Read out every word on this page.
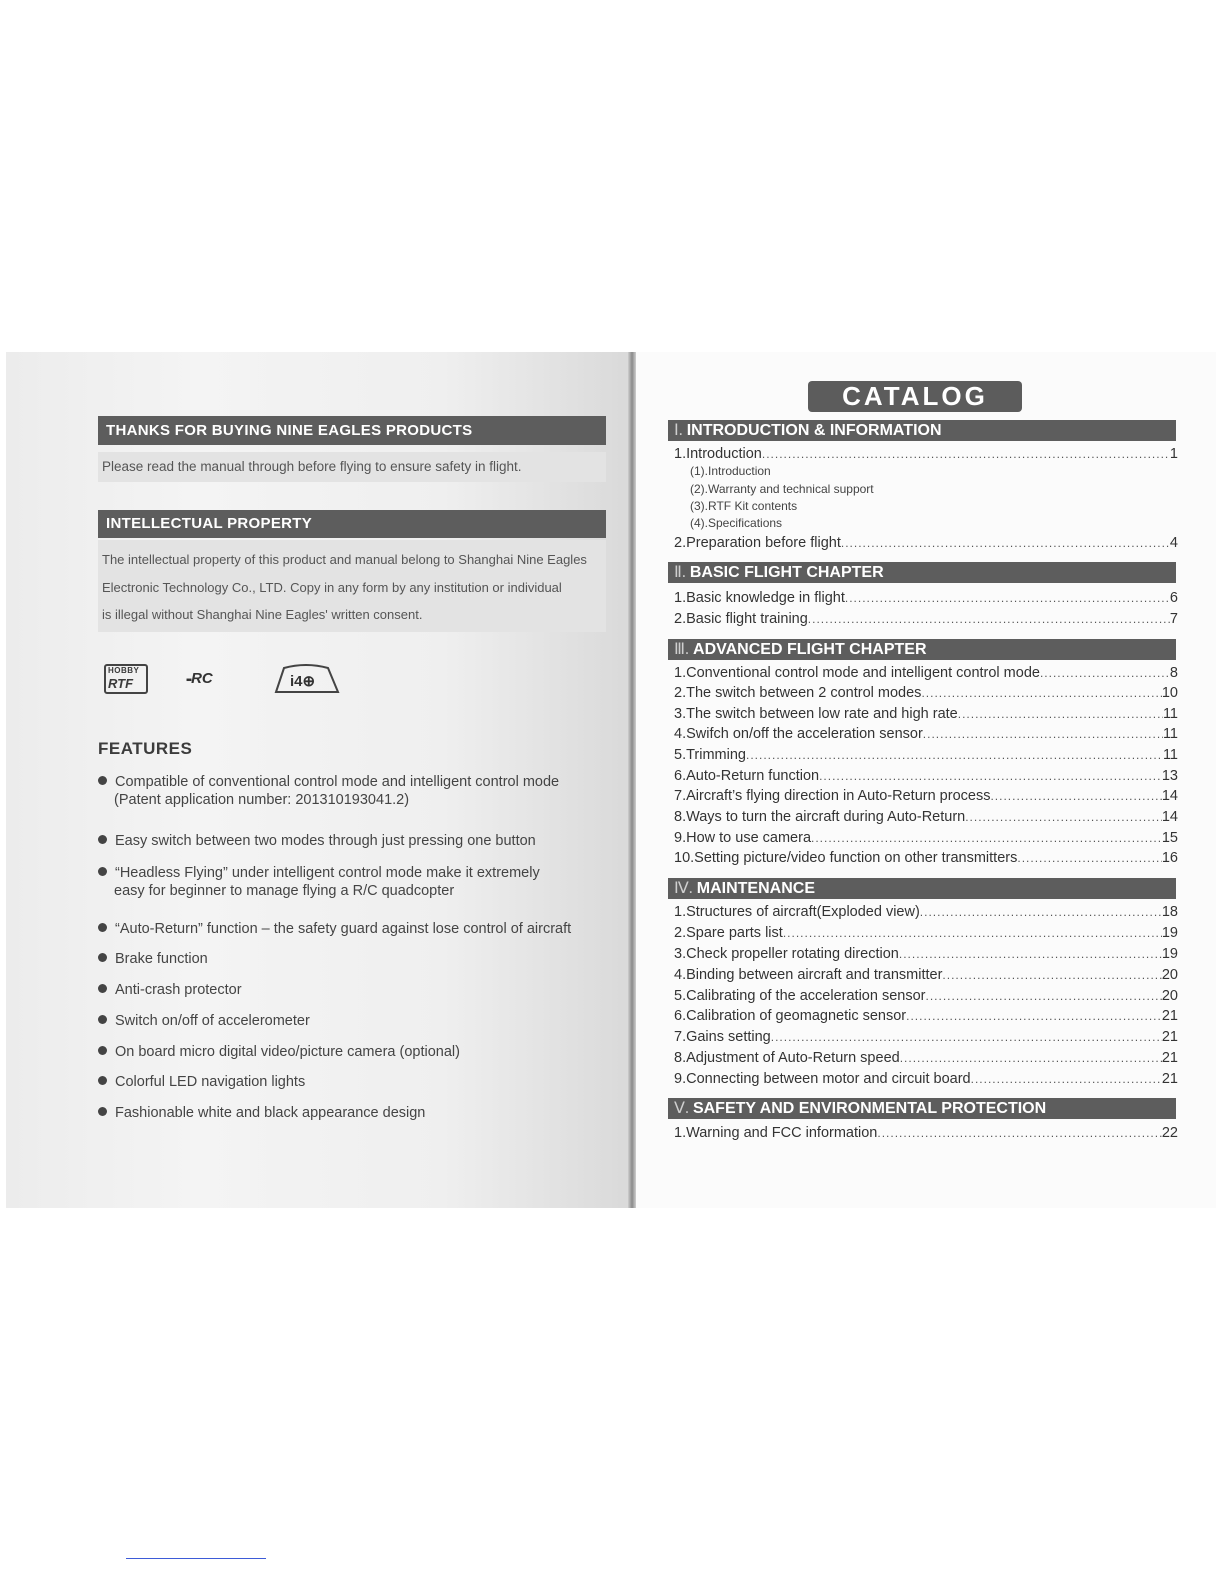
THANKS FOR BUYING NINE EAGLES PRODUCTS
Please read the manual through before flying to ensure safety in flight.
INTELLECTUAL PROPERTY
The intellectual property of this product and manual belong to Shanghai Nine Eagles
Electronic Technology Co., LTD. Copy in any form by any institution or individual
is illegal without Shanghai Nine Eagles' written consent.
HOBBY
RTF	▪▪RC	i4⊕
FEATURES
Compatible of conventional control mode and intelligent control mode
(Patent application number: 201310193041.2)
Easy switch between two modes through just pressing one button
“Headless Flying” under intelligent control mode make it extremely
easy for beginner to manage flying a R/C quadcopter
“Auto-Return” function – the safety guard against lose control of aircraft
Brake function
Anti-crash protector
Switch on/off of accelerometer
On board micro digital video/picture camera (optional)
Colorful LED navigation lights
Fashionable white and black appearance design
CATALOG
Ⅰ. INTRODUCTION & INFORMATION
1.Introduction .....	1
(1).Introduction
(2).Warranty and technical support
(3).RTF Kit contents
(4).Specifications
2.Preparation before flight .....	4
Ⅱ. BASIC FLIGHT CHAPTER
1.Basic knowledge in flight .....	6
2.Basic flight training .....	7
Ⅲ. ADVANCED FLIGHT CHAPTER
1.Conventional control mode and intelligent control mode .....	8
2.The switch between 2 control modes .....	10
3.The switch between low rate and high rate .....	11
4.Swifch on/off the acceleration sensor .....	11
5.Trimming .....	11
6.Auto-Return function .....	13
7.Aircraft’s flying direction in Auto-Return process .....	14
8.Ways to turn the aircraft during Auto-Return .....	14
9.How to use camera .....	15
10.Setting picture/video function on other transmitters .....	16
Ⅳ. MAINTENANCE
1.Structures of aircraft(Exploded view) .....	18
2.Spare parts list .....	19
3.Check propeller rotating direction .....	19
4.Binding between aircraft and transmitter .....	20
5.Calibrating of the acceleration sensor .....	20
6.Calibration of geomagnetic sensor .....	21
7.Gains setting .....	21
8.Adjustment of Auto-Return speed .....	21
9.Connecting between motor and circuit board .....	21
Ⅴ. SAFETY AND ENVIRONMENTAL PROTECTION
1.Warning and FCC information .....	22
